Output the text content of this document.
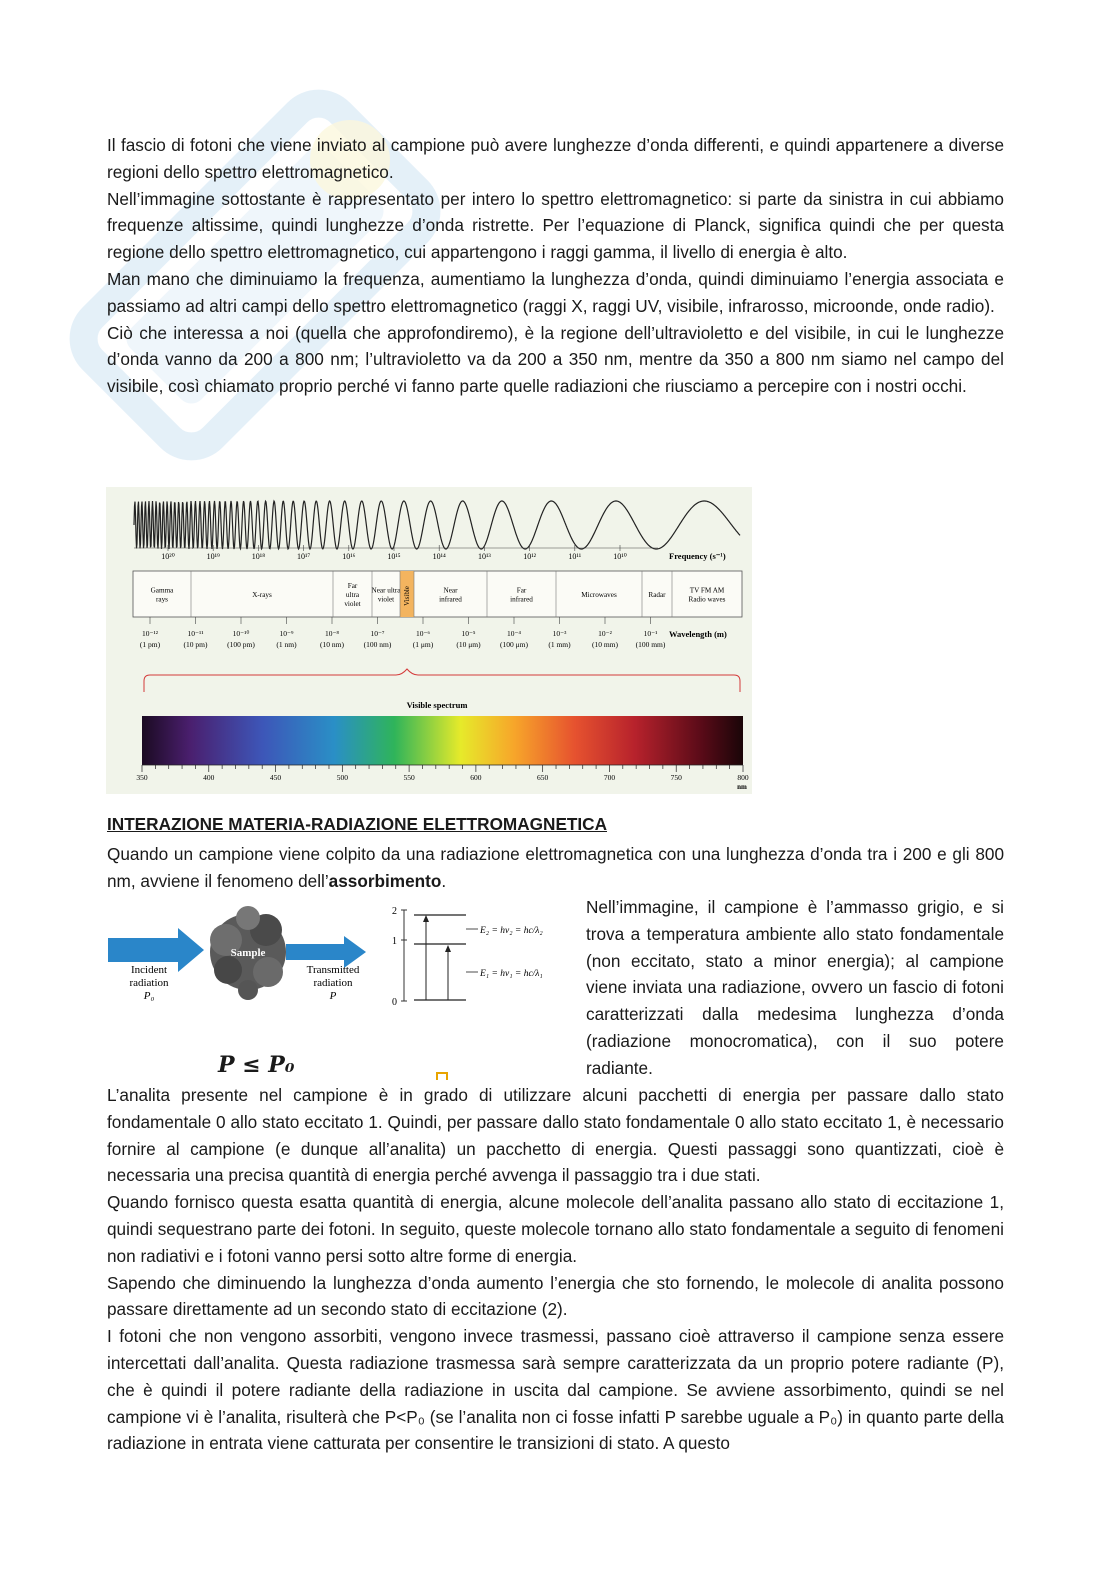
Il fascio di fotoni che viene inviato al campione può avere lunghezze d’onda differenti, e quindi appartenere a diverse regioni dello spettro elettromagnetico.

Nell’immagine sottostante è rappresentato per intero lo spettro elettromagnetico: si parte da sinistra in cui abbiamo frequenze altissime, quindi lunghezze d’onda ristrette. Per l’equazione di Planck, significa quindi che per questa regione dello spettro elettromagnetico, cui appartengono i raggi gamma, il livello di energia è alto.

Man mano che diminuiamo la frequenza, aumentiamo la lunghezza d’onda, quindi diminuiamo l’energia associata e passiamo ad altri campi dello spettro elettromagnetico (raggi X, raggi UV, visibile, infrarosso, microonde, onde radio).

Ciò che interessa a noi (quella che approfondiremo), è la regione dell’ultravioletto e del visibile, in cui le lunghezze d’onda vanno da 200 a 800 nm; l’ultravioletto va da 200 a 350 nm, mentre da 350 a 800 nm siamo nel campo del visibile, così chiamato proprio perché vi fanno parte quelle radiazioni che riusciamo a percepire con i nostri occhi.

10²⁰	10¹⁹	10¹⁸	10¹⁷	10¹⁶	10¹⁵	10¹⁴	10¹³	10¹²	10¹¹	10¹⁰	Frequency (s⁻¹)
Gamma rays
X-rays
Far ultra violet
Near ultra violet	Visible	Near infrared
Far infrared
Microwaves	Radar
TV FM AM Radio waves
10⁻¹²
(1 pm)
10⁻¹¹
(10 pm)
10⁻¹⁰
(100 pm)
10⁻⁹
(1 nm)
10⁻⁸
(10 nm)
10⁻⁷
(100 nm)
10⁻⁶
(1 μm)
10⁻⁵
(10 μm)
10⁻⁴
(100 μm)
10⁻³
(1 mm)
10⁻²
(10 mm)
10⁻¹
(100 mm)
Wavelength (m)
Visible spectrum
350	400	450	500	550	600	650	700	750	800
nm

INTERAZIONE MATERIA-RADIAZIONE ELETTROMAGNETICA

Quando un campione viene colpito da una radiazione elettromagnetica con una lunghezza d’onda tra i 200 e gli 800 nm, avviene il fenomeno dell’assorbimento.
Sample
Incident
radiation
P₀
Transmitted
radiation
P
2
1
0
E₂ = hν₂ = hc/λ₂
E₁ = hν₁ = hc/λ₁
P ≤ P₀
Nell’immagine, il campione è l’ammasso grigio, e si trova a temperatura ambiente allo stato fondamentale (non eccitato, stato a minor energia); al campione viene inviata una radiazione, ovvero un fascio di fotoni caratterizzati dalla medesima lunghezza d’onda (radiazione monocromatica), con il suo potere radiante.

L’analita presente nel campione è in grado di utilizzare alcuni pacchetti di energia per passare dallo stato fondamentale 0 allo stato eccitato 1. Quindi, per passare dallo stato fondamentale 0 allo stato eccitato 1, è necessario fornire al campione (e dunque all’analita) un pacchetto di energia. Questi passaggi sono quantizzati, cioè è necessaria una precisa quantità di energia perché avvenga il passaggio tra i due stati.

Quando fornisco questa esatta quantità di energia, alcune molecole dell’analita passano allo stato di eccitazione 1, quindi sequestrano parte dei fotoni. In seguito, queste molecole tornano allo stato fondamentale a seguito di fenomeni non radiativi e i fotoni vanno persi sotto altre forme di energia.

Sapendo che diminuendo la lunghezza d’onda aumento l’energia che sto fornendo, le molecole di analita possono passare direttamente ad un secondo stato di eccitazione (2).

I fotoni che non vengono assorbiti, vengono invece trasmessi, passano cioè attraverso il campione senza essere intercettati dall’analita. Questa radiazione trasmessa sarà sempre caratterizzata da un proprio potere radiante (P), che è quindi il potere radiante della radiazione in uscita dal campione. Se avviene assorbimento, quindi se nel campione vi è l’analita, risulterà che P<P₀ (se l’analita non ci fosse infatti P sarebbe uguale a P₀) in quanto parte della radiazione in entrata viene catturata per consentire le transizioni di stato. A questo
